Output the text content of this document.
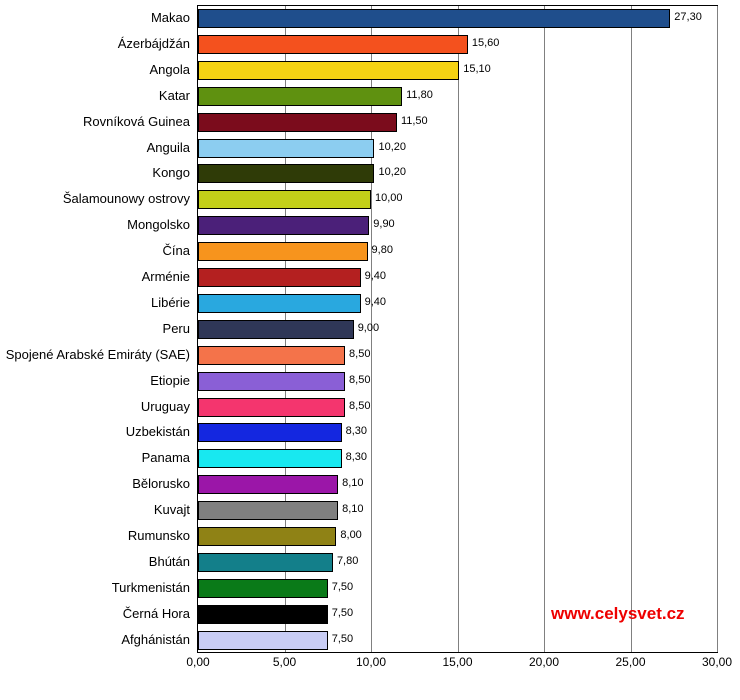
Makao
Ázerbájdžán
Angola
Katar
Rovníková Guinea
Anguila
Kongo
Šalamounowy ostrovy
Mongolsko
Čína
Arménie
Libérie
Peru
Spojené Arabské Emiráty (SAE)
Etiopie
Uruguay
Uzbekistán
Panama
Bělorusko
Kuvajt
Rumunsko
Bhútán
Turkmenistán
Černá Hora
Afghánistán
27,30
15,60
15,10
11,80
11,50
10,20
10,20
10,00
9,90
9,80
9,40
9,40
9,00
8,50
8,50
8,50
8,30
8,30
8,10
8,10
8,00
7,80
7,50
7,50
7,50
0,00	5,00	10,00	15,00	20,00	25,00	30,00
www.celysvet.cz
